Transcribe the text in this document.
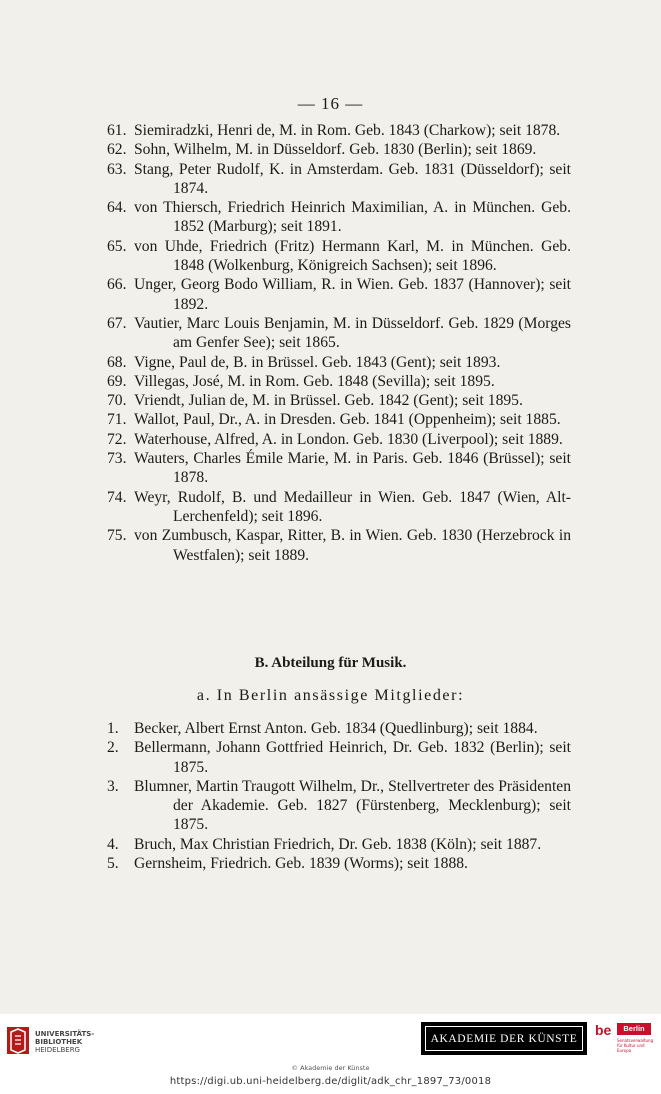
— 16 —
61. Siemiradzki, Henri de, M. in Rom. Geb. 1843 (Charkow); seit 1878.
62. Sohn, Wilhelm, M. in Düsseldorf. Geb. 1830 (Berlin); seit 1869.
63. Stang, Peter Rudolf, K. in Amsterdam. Geb. 1831 (Düsseldorf); seit 1874.
64. von Thiersch, Friedrich Heinrich Maximilian, A. in München. Geb. 1852 (Marburg); seit 1891.
65. von Uhde, Friedrich (Fritz) Hermann Karl, M. in München. Geb. 1848 (Wolkenburg, Königreich Sachsen); seit 1896.
66. Unger, Georg Bodo William, R. in Wien. Geb. 1837 (Hannover); seit 1892.
67. Vautier, Marc Louis Benjamin, M. in Düsseldorf. Geb. 1829 (Morges am Genfer See); seit 1865.
68. Vigne, Paul de, B. in Brüssel. Geb. 1843 (Gent); seit 1893.
69. Villegas, José, M. in Rom. Geb. 1848 (Sevilla); seit 1895.
70. Vriendt, Julian de, M. in Brüssel. Geb. 1842 (Gent); seit 1895.
71. Wallot, Paul, Dr., A. in Dresden. Geb. 1841 (Oppenheim); seit 1885.
72. Waterhouse, Alfred, A. in London. Geb. 1830 (Liverpool); seit 1889.
73. Wauters, Charles Émile Marie, M. in Paris. Geb. 1846 (Brüssel); seit 1878.
74. Weyr, Rudolf, B. und Medailleur in Wien. Geb. 1847 (Wien, Alt-Lerchenfeld); seit 1896.
75. von Zumbusch, Kaspar, Ritter, B. in Wien. Geb. 1830 (Herzebrock in Westfalen); seit 1889.
B. Abteilung für Musik.
a. In Berlin ansässige Mitglieder:
1. Becker, Albert Ernst Anton. Geb. 1834 (Quedlinburg); seit 1884.
2. Bellermann, Johann Gottfried Heinrich, Dr. Geb. 1832 (Berlin); seit 1875.
3. Blumner, Martin Traugott Wilhelm, Dr., Stellvertreter des Präsidenten der Akademie. Geb. 1827 (Fürstenberg, Mecklenburg); seit 1875.
4. Bruch, Max Christian Friedrich, Dr. Geb. 1838 (Köln); seit 1887.
5. Gernsheim, Friedrich. Geb. 1839 (Worms); seit 1888.
UNIVERSITÄTS-
BIBLIOTHEK
HEIDELBERG
AKADEMIE DER KÜNSTE
be	Berlin
Senatsverwaltung für Kultur und Europa
© Akademie der Künste
https://digi.ub.uni-heidelberg.de/diglit/adk_chr_1897_73/0018
